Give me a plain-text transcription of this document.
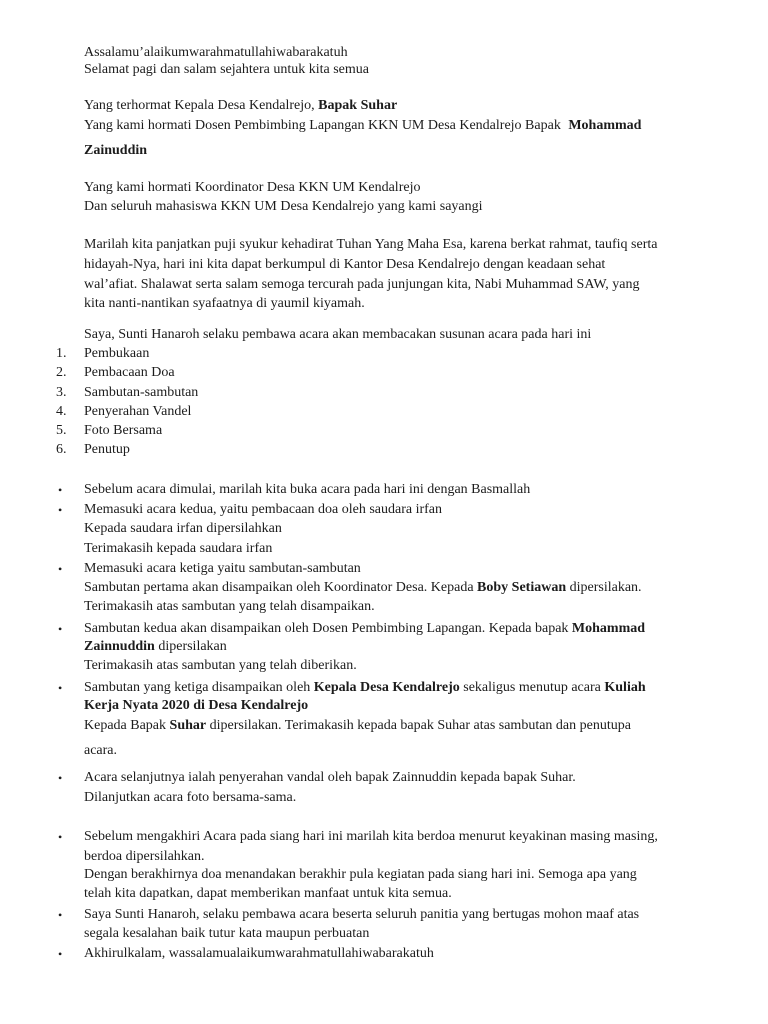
Assalamu’alaikumwarahmatullahiwabarakatuh
Selamat pagi dan salam sejahtera untuk kita semua
Yang terhormat Kepala Desa Kendalrejo, Bapak Suhar
Yang kami hormati Dosen Pembimbing Lapangan KKN UM Desa Kendalrejo Bapak Mohammad
Zainuddin
Yang kami hormati Koordinator Desa KKN UM Kendalrejo
Dan seluruh mahasiswa KKN UM Desa Kendalrejo yang kami sayangi
Marilah kita panjatkan puji syukur kehadirat Tuhan Yang Maha Esa, karena berkat rahmat, taufiq serta
hidayah-Nya, hari ini kita dapat berkumpul di Kantor Desa Kendalrejo dengan keadaan sehat
wal’afiat. Shalawat serta salam semoga tercurah pada junjungan kita, Nabi Muhammad SAW, yang
kita nanti-nantikan syafaatnya di yaumil kiyamah.
Saya, Sunti Hanaroh selaku pembawa acara akan membacakan susunan acara pada hari ini
1. Pembukaan
2. Pembacaan Doa
3. Sambutan-sambutan
4. Penyerahan Vandel
5. Foto Bersama
6. Penutup
• Sebelum acara dimulai, marilah kita buka acara pada hari ini dengan Basmallah
• Memasuki acara kedua, yaitu pembacaan doa oleh saudara irfan
Kepada saudara irfan dipersilahkan
Terimakasih kepada saudara irfan
• Memasuki acara ketiga yaitu sambutan-sambutan
Sambutan pertama akan disampaikan oleh Koordinator Desa. Kepada Boby Setiawan dipersilakan.
Terimakasih atas sambutan yang telah disampaikan.
• Sambutan kedua akan disampaikan oleh Dosen Pembimbing Lapangan. Kepada bapak Mohammad
Zainnuddin dipersilakan
Terimakasih atas sambutan yang telah diberikan.
• Sambutan yang ketiga disampaikan oleh Kepala Desa Kendalrejo sekaligus menutup acara Kuliah
Kerja Nyata 2020 di Desa Kendalrejo
Kepada Bapak Suhar dipersilakan. Terimakasih kepada bapak Suhar atas sambutan dan penutupa
acara.
• Acara selanjutnya ialah penyerahan vandal oleh bapak Zainnuddin kepada bapak Suhar.
Dilanjutkan acara foto bersama-sama.
• Sebelum mengakhiri Acara pada siang hari ini marilah kita berdoa menurut keyakinan masing masing,
berdoa dipersilahkan.
Dengan berakhirnya doa menandakan berakhir pula kegiatan pada siang hari ini. Semoga apa yang
telah kita dapatkan, dapat memberikan manfaat untuk kita semua.
• Saya Sunti Hanaroh, selaku pembawa acara beserta seluruh panitia yang bertugas mohon maaf atas
segala kesalahan baik tutur kata maupun perbuatan
• Akhirulkalam, wassalamualaikumwarahmatullahiwabarakatuh
